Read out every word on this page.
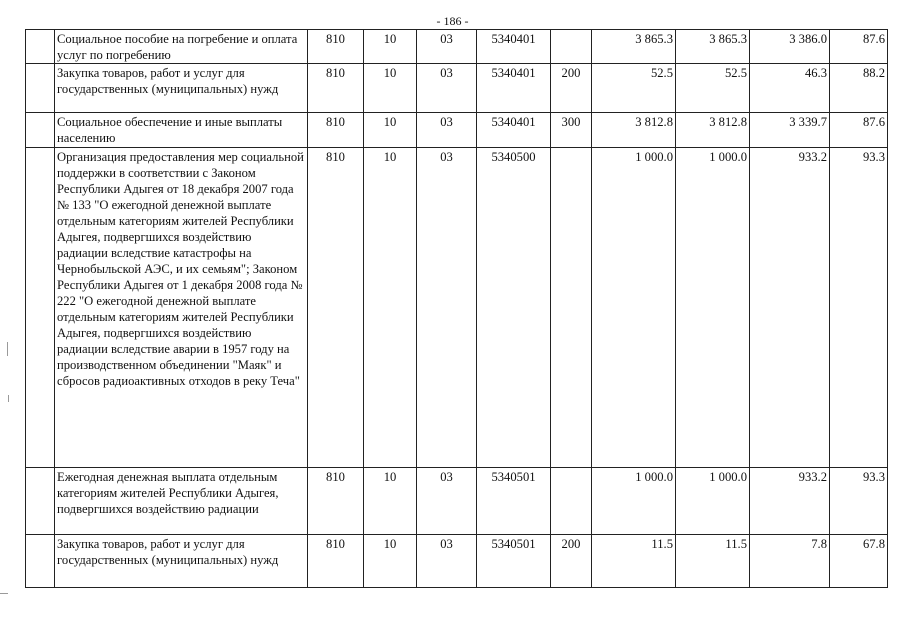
- 186 -
	Социальное пособие на погребение и оплата услуг по погребению	810	10	03	5340401		3 865.3	3 865.3	3 386.0	87.6
	Закупка товаров, работ и услуг для государственных (муниципальных) нужд	810	10	03	5340401	200	52.5	52.5	46.3	88.2
	Социальное обеспечение и иные выплаты населению	810	10	03	5340401	300	3 812.8	3 812.8	3 339.7	87.6
	Организация предоставления мер социальной поддержки в соответствии с Законом Республики Адыгея от 18 декабря 2007 года № 133 "О ежегодной денежной выплате отдельным категориям жителей Республики Адыгея, подвергшихся воздействию радиации вследствие катастрофы на Чернобыльской АЭС, и их семьям"; Законом Республики Адыгея от 1 декабря 2008 года № 222 "О ежегодной денежной выплате отдельным категориям жителей Республики Адыгея, подвергшихся воздействию радиации вследствие аварии в 1957 году на производственном объединении "Маяк" и сбросов радиоактивных отходов в реку Теча"	810	10	03	5340500		1 000.0	1 000.0	933.2	93.3
	Ежегодная денежная выплата отдельным категориям жителей Республики Адыгея, подвергшихся воздействию радиации	810	10	03	5340501		1 000.0	1 000.0	933.2	93.3
	Закупка товаров, работ и услуг для государственных (муниципальных) нужд	810	10	03	5340501	200	11.5	11.5	7.8	67.8
